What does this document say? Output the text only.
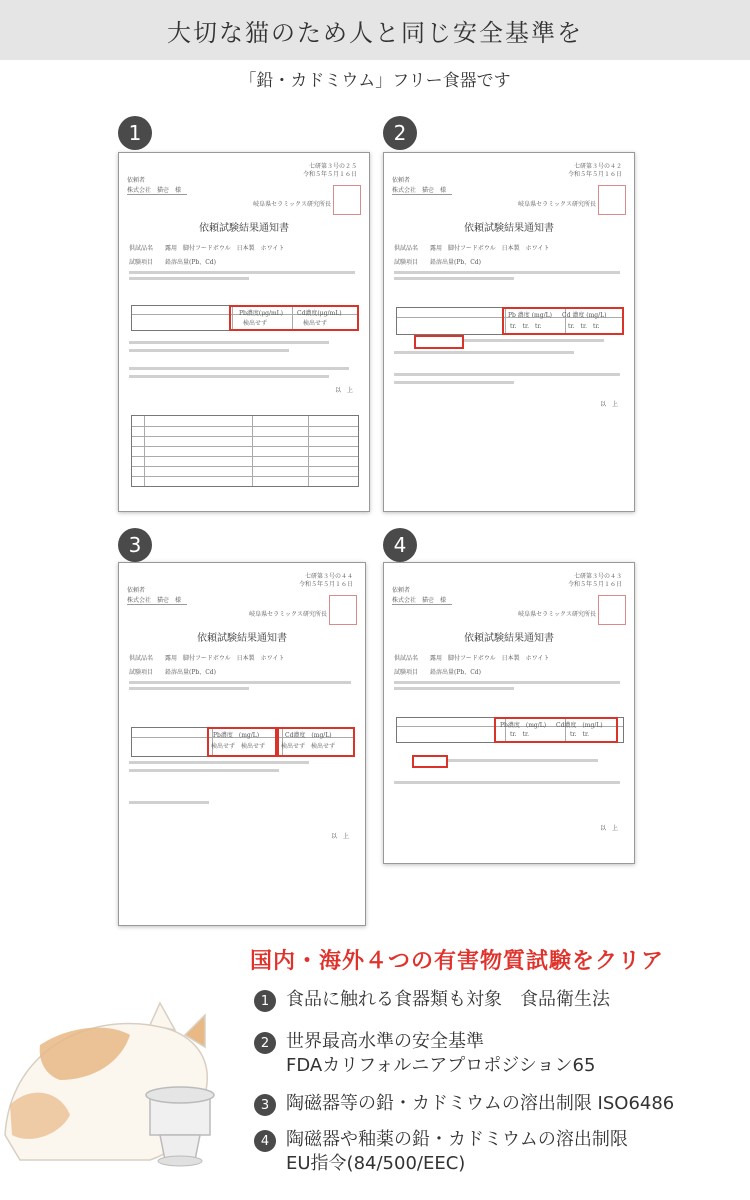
大切な猫のため人と同じ安全基準を
「鉛・カドミウム」フリー食器です
1
七研第３号の２５
令和５年５月１６日
依頼者
株式会社　猫壱　様
岐阜県セラミックス研究所長
依頼試験結果通知書
供試品名　　露用　脚付フードボウル　日本製　ホワイト
試験項目　　鉛溶出量(Pb、Cd)
Pb濃度(μg/mL) Cd濃度(μg/mL)
検出せず	検出せず
以　上
2
七研第３号の４２
令和５年５月１６日
依頼者
株式会社　猫壱　様
岐阜県セラミックス研究所長
依頼試験結果通知書
供試品名　　露用　脚付フードボウル　日本製　ホワイト
試験項目　　鉛溶出量(Pb、Cd)
Pb 濃度 (mg/L) Cd 濃度 (mg/L)
tr.　tr.　tr.	tr.　tr.　tr.
以　上
3
七研第３号の４４
令和５年５月１６日
依頼者
株式会社　猫壱　様
岐阜県セラミックス研究所長
依頼試験結果通知書
供試品名　　露用　脚付フードボウル　日本製　ホワイト
試験項目　　鉛溶出量(Pb、Cd)
Pb濃度　(mg/L)	Cd濃度　(mg/L)
検出せず　検出せず	検出せず　検出せず
以　上
4
七研第３号の４３
令和５年５月１６日
依頼者
株式会社　猫壱　様
岐阜県セラミックス研究所長
依頼試験結果通知書
供試品名　　露用　脚付フードボウル　日本製　ホワイト
試験項目　　鉛溶出量(Pb、Cd)
Pb濃度　(mg/L) Cd濃度　(mg/L)
tr.　tr.	tr.　tr.
以　上
国内・海外４つの有害物質試験をクリア
1 食品に触れる食器類も対象　食品衛生法
2 世界最高水準の安全基準
FDAカリフォルニアプロポジション65
3 陶磁器等の鉛・カドミウムの溶出制限 ISO6486
4 陶磁器や釉薬の鉛・カドミウムの溶出制限
EU指令(84/500/EEC)
